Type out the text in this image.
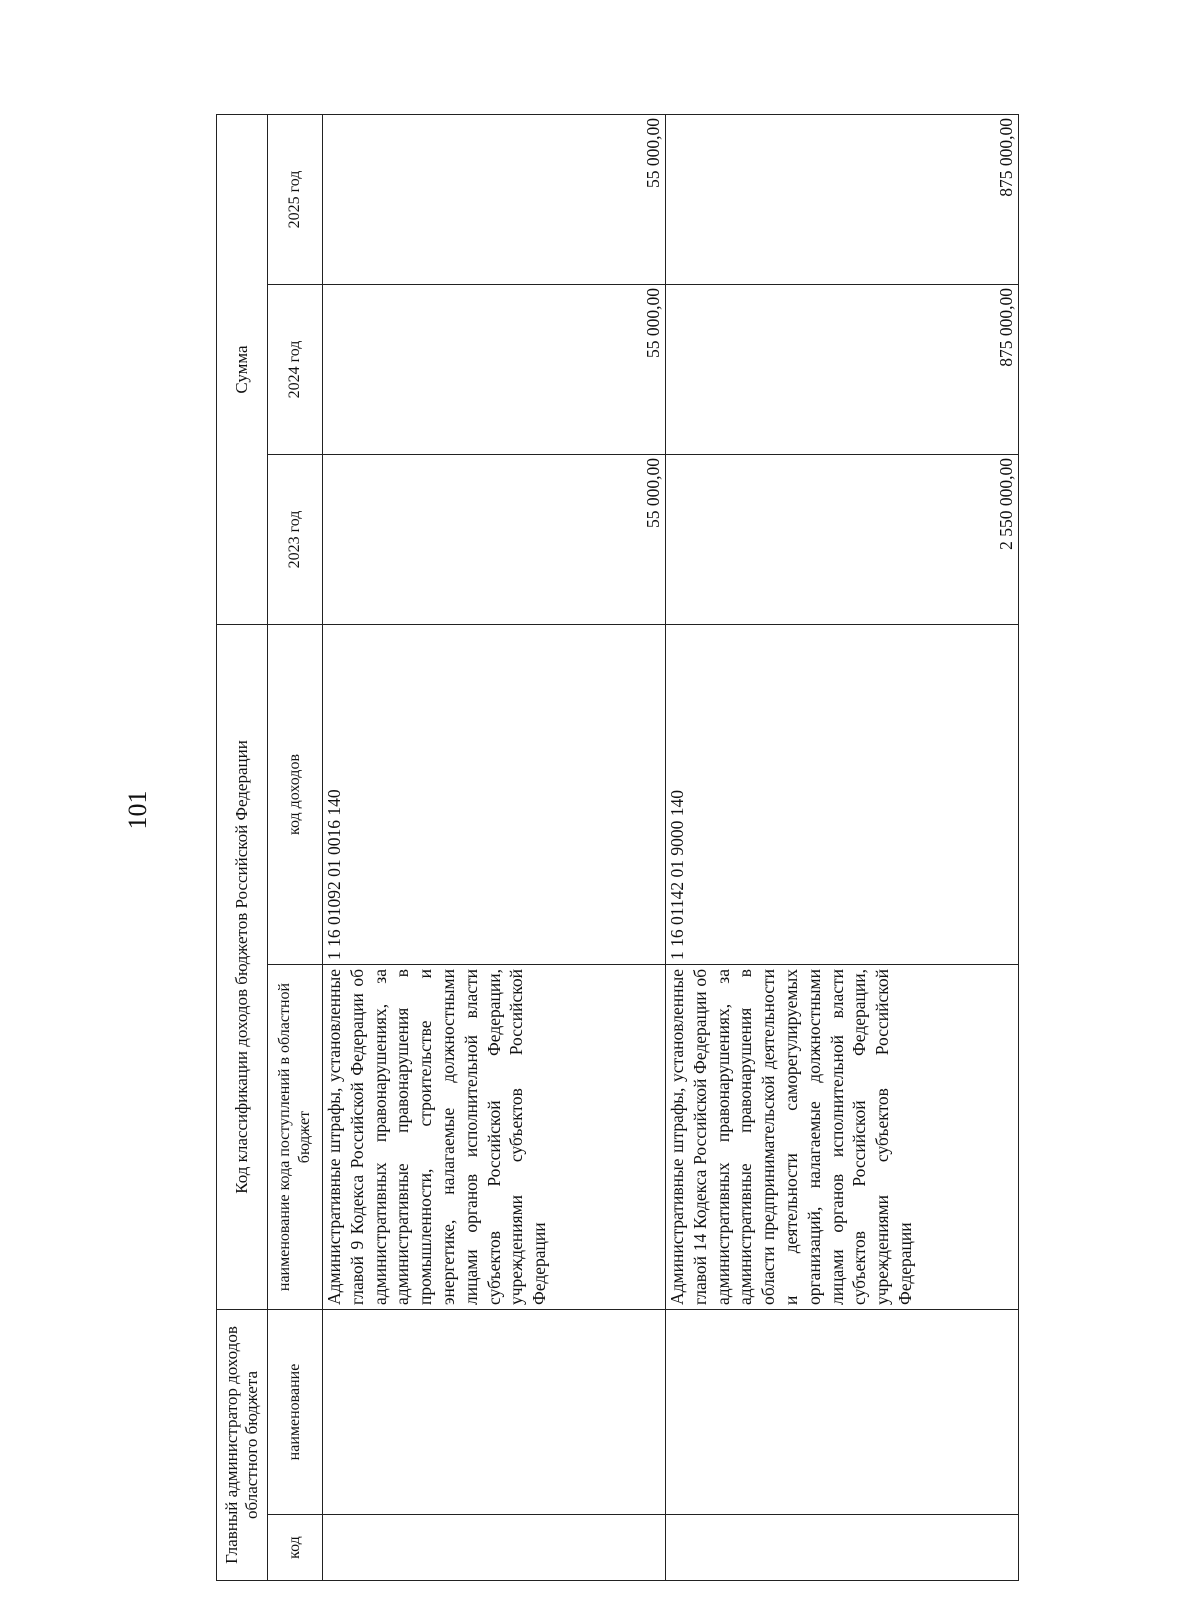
101
Главный администратор доходов областного бюджета		Код классификации доходов бюджетов Российской Федерации		Сумма		
код	наименование	наименование кода поступлений в областной бюджет	код доходов	2023 год	2024 год	2025 год
		Административные штрафы, установленные главой 9 Кодекса Российской Федерации об административных правонарушениях, за административные правонарушения в промышленности, строительстве и энергетике, налагаемые должностными лицами органов исполнительной власти субъектов Российской Федерации, учреждениями субъектов Российской Федерации	1 16 01092 01 0016 140	55 000,00	55 000,00	55 000,00
		Административные штрафы, установленные главой 14 Кодекса Российской Федерации об административных правонарушениях, за административные правонарушения в области предпринимательской деятельности и деятельности саморегулируемых организаций, налагаемые должностными лицами органов исполнительной власти субъектов Российской Федерации, учреждениями субъектов Российской Федерации	1 16 01142 01 9000 140	2 550 000,00	875 000,00	875 000,00
